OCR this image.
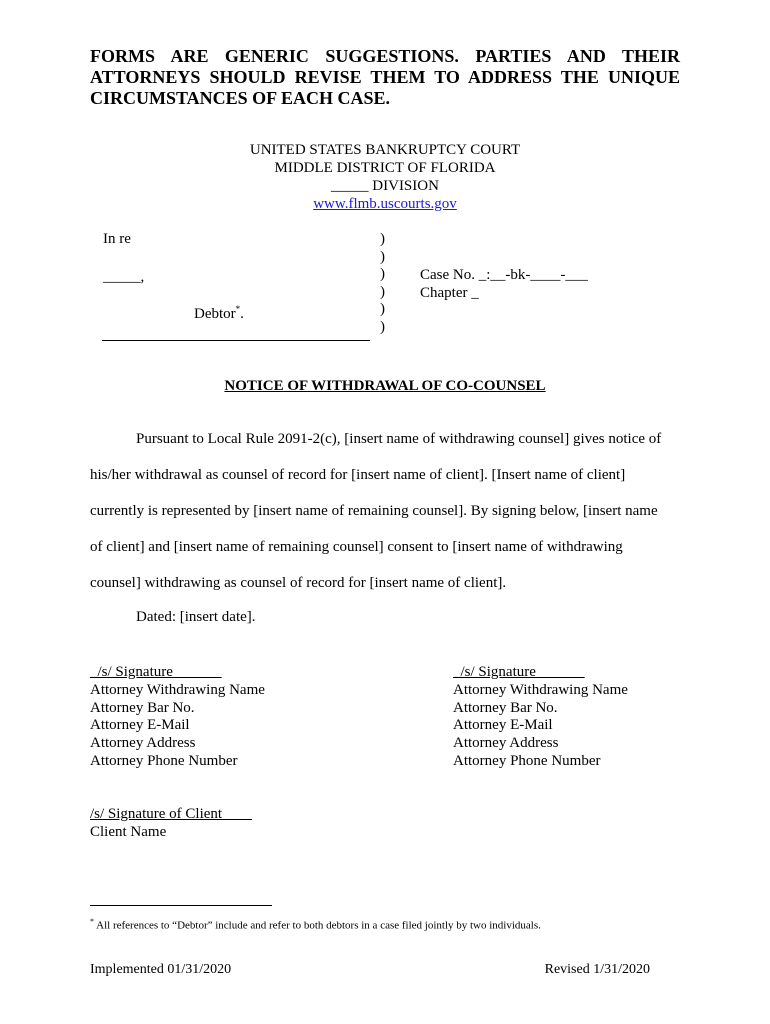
FORMS ARE GENERIC SUGGESTIONS. PARTIES AND THEIR
ATTORNEYS SHOULD REVISE THEM TO ADDRESS THE UNIQUE
CIRCUMSTANCES OF EACH CASE.
UNITED STATES BANKRUPTCY COURT
MIDDLE DISTRICT OF FLORIDA
_____ DIVISION
www.flmb.uscourts.gov
In re
_____,
Debtor*.
)
)
)
)
)
)
Case No. _:__-bk-____-___
Chapter _
NOTICE OF WITHDRAWAL OF CO-COUNSEL
Pursuant to Local Rule 2091-2(c), [insert name of withdrawing counsel] gives notice of
his/her withdrawal as counsel of record for [insert name of client]. [Insert name of client]
currently is represented by [insert name of remaining counsel]. By signing below, [insert name
of client] and [insert name of remaining counsel] consent to [insert name of withdrawing
counsel] withdrawing as counsel of record for [insert name of client].
Dated: [insert date].
_/s/ Signature
Attorney Withdrawing Name
Attorney Bar No.
Attorney E-Mail
Attorney Address
Attorney Phone Number
_/s/ Signature
Attorney Withdrawing Name
Attorney Bar No.
Attorney E-Mail
Attorney Address
Attorney Phone Number
/s/ Signature of Client
Client Name
* All references to “Debtor” include and refer to both debtors in a case filed jointly by two individuals.
Implemented 01/31/2020	Revised 1/31/2020
